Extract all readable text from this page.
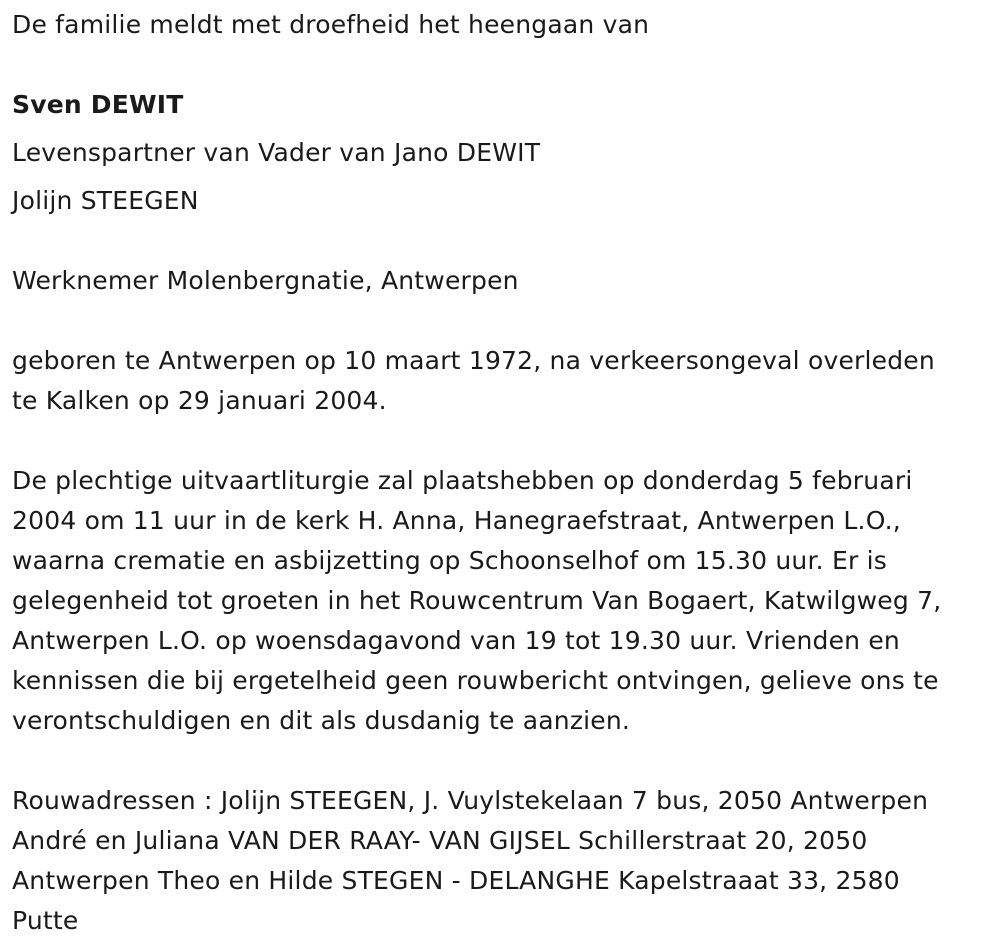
De familie meldt met droefheid het heengaan van
Sven DEWIT
Levenspartner van Vader van Jano DEWIT
Jolijn STEEGEN
Werknemer Molenbergnatie, Antwerpen
geboren te Antwerpen op 10 maart 1972, na verkeersongeval overleden
te Kalken op 29 januari 2004.
De plechtige uitvaartliturgie zal plaatshebben op donderdag 5 februari
2004 om 11 uur in de kerk H. Anna, Hanegraefstraat, Antwerpen L.O.,
waarna crematie en asbijzetting op Schoonselhof om 15.30 uur. Er is
gelegenheid tot groeten in het Rouwcentrum Van Bogaert, Katwilgweg 7,
Antwerpen L.O. op woensdagavond van 19 tot 19.30 uur. Vrienden en
kennissen die bij ergetelheid geen rouwbericht ontvingen, gelieve ons te
verontschuldigen en dit als dusdanig te aanzien.
Rouwadressen : Jolijn STEEGEN, J. Vuylstekelaan 7 bus, 2050 Antwerpen
André en Juliana VAN DER RAAY- VAN GIJSEL Schillerstraat 20, 2050
Antwerpen Theo en Hilde STEGEN - DELANGHE Kapelstraaat 33, 2580
Putte
